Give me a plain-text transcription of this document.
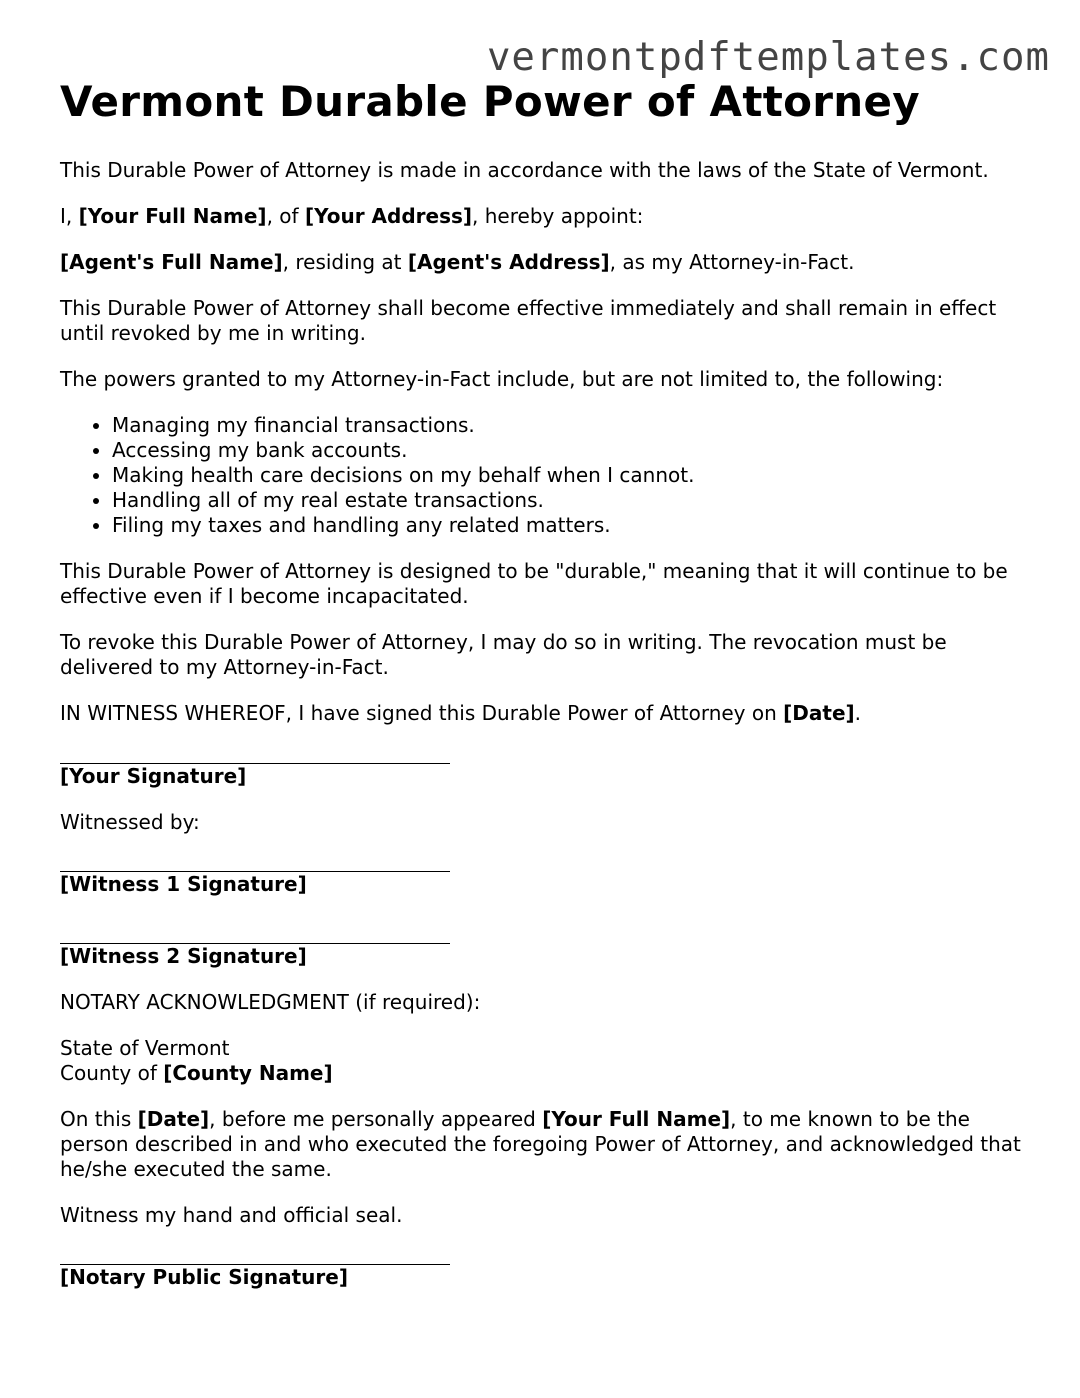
vermontpdftemplates.com
Vermont Durable Power of Attorney

This Durable Power of Attorney is made in accordance with the laws of the State of Vermont.

I, [Your Full Name], of [Your Address], hereby appoint:

[Agent's Full Name], residing at [Agent's Address], as my Attorney-in-Fact.

This Durable Power of Attorney shall become effective immediately and shall remain in effect until revoked by me in writing.

The powers granted to my Attorney-in-Fact include, but are not limited to, the following:

• Managing my financial transactions.
• Accessing my bank accounts.
• Making health care decisions on my behalf when I cannot.
• Handling all of my real estate transactions.
• Filing my taxes and handling any related matters.

This Durable Power of Attorney is designed to be "durable," meaning that it will continue to be effective even if I become incapacitated.

To revoke this Durable Power of Attorney, I may do so in writing. The revocation must be delivered to my Attorney-in-Fact.

IN WITNESS WHEREOF, I have signed this Durable Power of Attorney on [Date].

[Your Signature]

Witnessed by:

[Witness 1 Signature]

[Witness 2 Signature]

NOTARY ACKNOWLEDGMENT (if required):

State of Vermont

County of [County Name]

On this [Date], before me personally appeared [Your Full Name], to me known to be the person described in and who executed the foregoing Power of Attorney, and acknowledged that he/she executed the same.

Witness my hand and official seal.

[Notary Public Signature]
